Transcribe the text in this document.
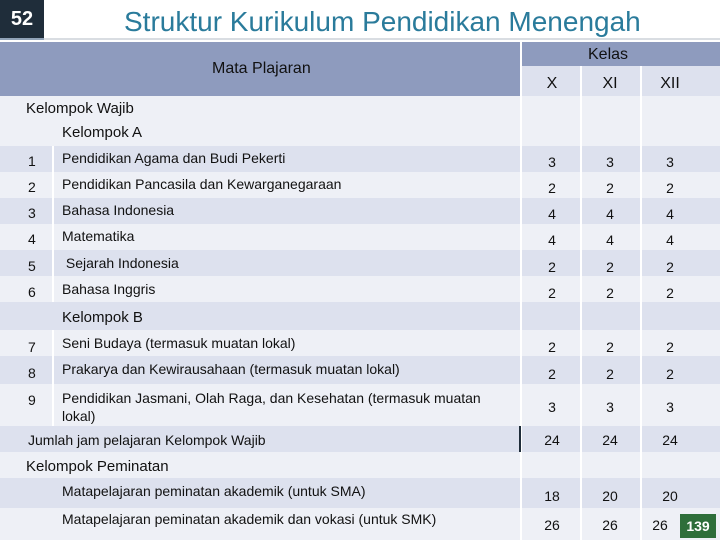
52	Struktur Kurikulum Pendidikan Menengah
Mata Plajaran
Kelas
X	XI	XII
Kelompok Wajib
Kelompok A
1 Pendidikan Agama dan Budi Pekerti	3	3	3
2 Pendidikan Pancasila dan Kewarganegaraan	2	2	2
3 Bahasa Indonesia	4	4	4
4 Matematika	4	4	4
5 Sejarah Indonesia	2	2	2
6 Bahasa Inggris	2	2	2
Kelompok B
7 Seni Budaya (termasuk muatan lokal)	2	2	2
8 Prakarya dan Kewirausahaan (termasuk muatan lokal)	2	2	2
9 Pendidikan Jasmani, Olah Raga, dan Kesehatan (termasuk muatan
lokal)
3	3	3
Jumlah jam pelajaran Kelompok Wajib	24	24	24
Kelompok Peminatan
Matapelajaran peminatan akademik (untuk SMA)	18	20	20
Matapelajaran peminatan akademik dan vokasi (untuk SMK)	26	26	26	139
